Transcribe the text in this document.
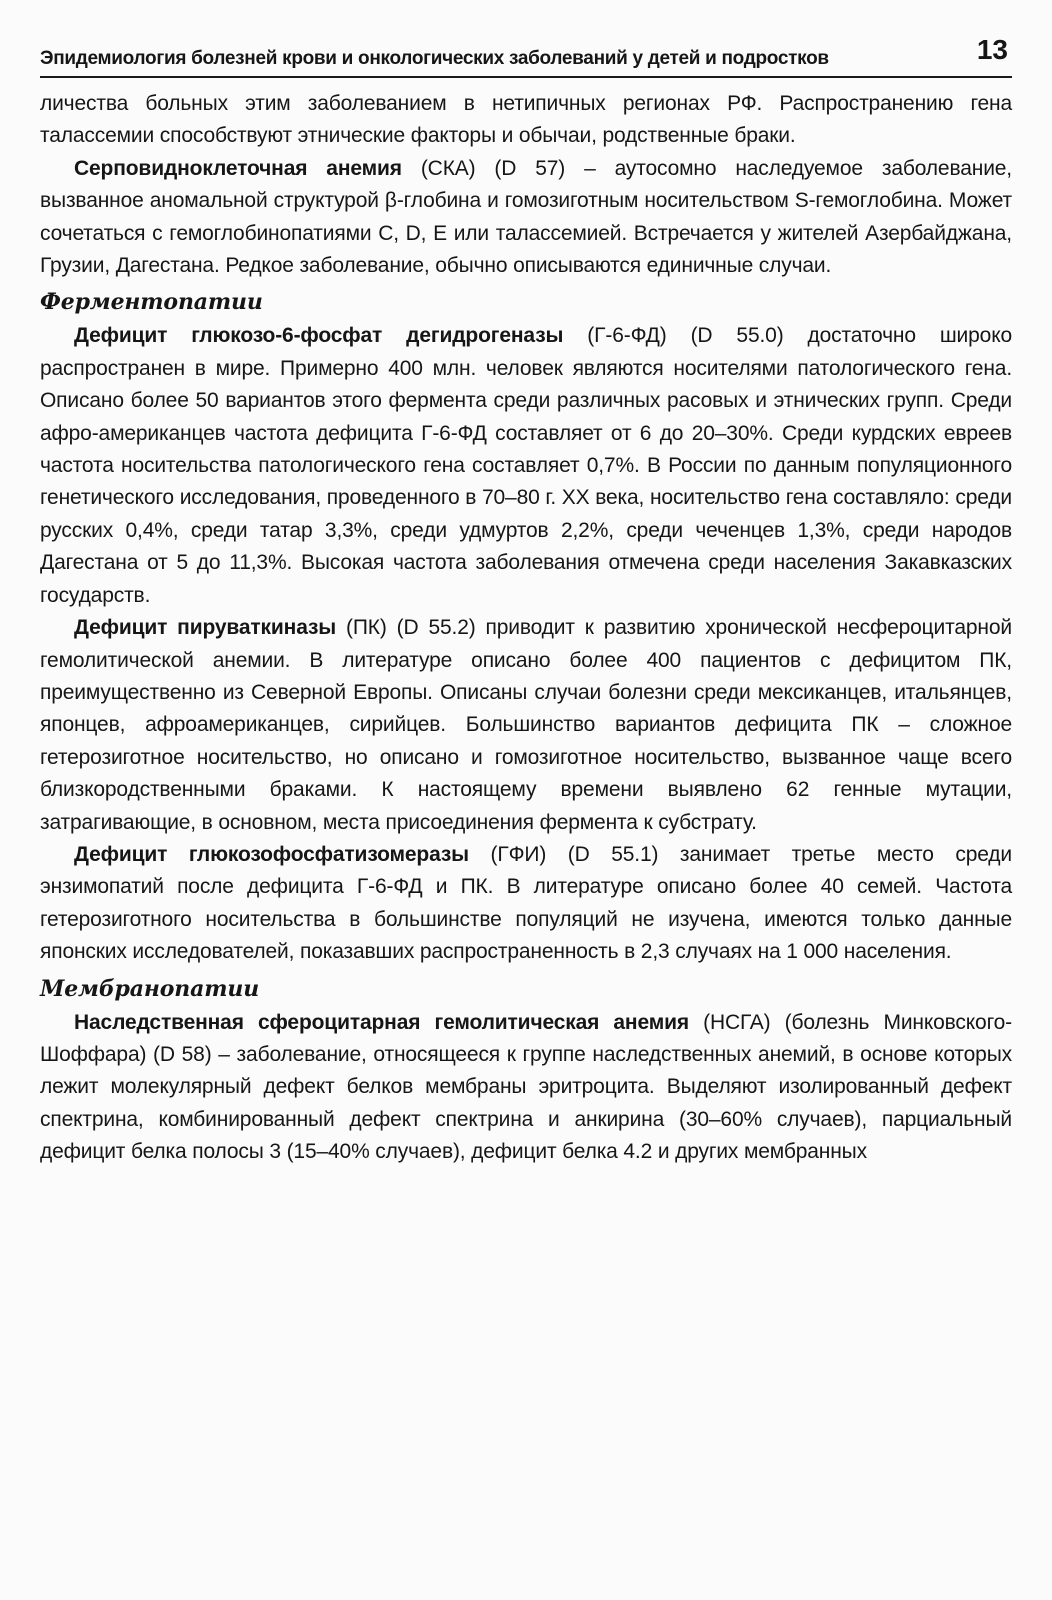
Эпидемиология болезней крови и онкологических заболеваний у детей и подростков	13

личества больных этим заболеванием в нетипичных регионах РФ. Распространению гена талассемии способствуют этнические факторы и обычаи, родственные браки.

Серповидноклеточная анемия (СКА) (D 57) – аутосомно наследуемое заболевание, вызванное аномальной структурой β-глобина и гомозиготным носительством S-гемоглобина. Может сочетаться с гемоглобинопатиями C, D, E или талассемией. Встречается у жителей Азербайджана, Грузии, Дагестана. Редкое заболевание, обычно описываются единичные случаи.

Ферментопатии

Дефицит глюкозо-6-фосфат дегидрогеназы (Г-6-ФД) (D 55.0) достаточно широко распространен в мире. Примерно 400 млн. человек являются носителями патологического гена. Описано более 50 вариантов этого фермента среди различных расовых и этнических групп. Среди афро-американцев частота дефицита Г-6-ФД составляет от 6 до 20–30%. Среди курдских евреев частота носительства патологического гена составляет 0,7%. В России по данным популяционного генетического исследования, проведенного в 70–80 г. XX века, носительство гена составляло: среди русских 0,4%, среди татар 3,3%, среди удмуртов 2,2%, среди чеченцев 1,3%, среди народов Дагестана от 5 до 11,3%. Высокая частота заболевания отмечена среди населения Закавказских государств.

Дефицит пируваткиназы (ПК) (D 55.2) приводит к развитию хронической несфероцитарной гемолитической анемии. В литературе описано более 400 пациентов с дефицитом ПК, преимущественно из Северной Европы. Описаны случаи болезни среди мексиканцев, итальянцев, японцев, афроамериканцев, сирийцев. Большинство вариантов дефицита ПК – сложное гетерозиготное носительство, но описано и гомозиготное носительство, вызванное чаще всего близкородственными браками. К настоящему времени выявлено 62 генные мутации, затрагивающие, в основном, места присоединения фермента к субстрату.

Дефицит глюкозофосфатизомеразы (ГФИ) (D 55.1) занимает третье место среди энзимопатий после дефицита Г-6-ФД и ПК. В литературе описано более 40 семей. Частота гетерозиготного носительства в большинстве популяций не изучена, имеются только данные японских исследователей, показавших распространенность в 2,3 случаях на 1 000 населения.

Мембранопатии

Наследственная сфероцитарная гемолитическая анемия (НСГА) (болезнь Минковского-Шоффара) (D 58) – заболевание, относящееся к группе наследственных анемий, в основе которых лежит молекулярный дефект белков мембраны эритроцита. Выделяют изолированный дефект спектрина, комбинированный дефект спектрина и анкирина (30–60% случаев), парциальный дефицит белка полосы 3 (15–40% случаев), дефицит белка 4.2 и других мембранных
